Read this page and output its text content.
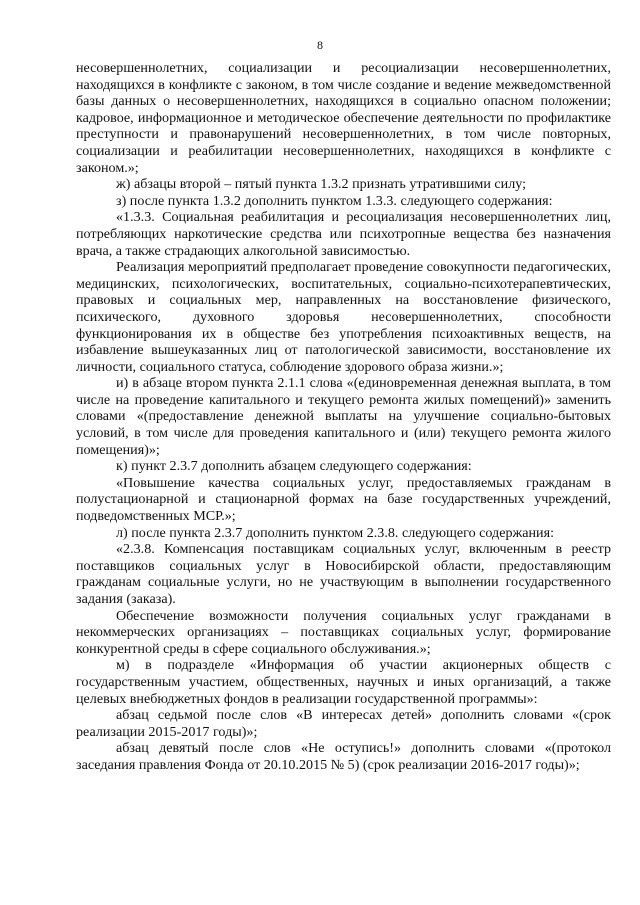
8

несовершеннолетних, социализации и ресоциализации несовершеннолетних, находящихся в конфликте с законом, в том числе создание и ведение межведомственной базы данных о несовершеннолетних, находящихся в социально опасном положении; кадровое, информационное и методическое обеспечение деятельности по профилактике преступности и правонарушений несовершеннолетних, в том числе повторных, социализации и реабилитации несовершеннолетних, находящихся в конфликте с законом.»;

ж) абзацы второй – пятый пункта 1.3.2 признать утратившими силу;

з) после пункта 1.3.2 дополнить пунктом 1.3.3. следующего содержания:

«1.3.3. Социальная реабилитация и ресоциализация несовершеннолетних лиц, потребляющих наркотические средства или психотропные вещества без назначения врача, а также страдающих алкогольной зависимостью.

Реализация мероприятий предполагает проведение совокупности педагогических, медицинских, психологических, воспитательных, социально-психотерапевтических, правовых и социальных мер, направленных на восстановление физического, психического, духовного здоровья несовершеннолетних, способности функционирования их в обществе без употребления психоактивных веществ, на избавление вышеуказанных лиц от патологической зависимости, восстановление их личности, социального статуса, соблюдение здорового образа жизни.»;

и) в абзаце втором пункта 2.1.1 слова «(единовременная денежная выплата, в том числе на проведение капитального и текущего ремонта жилых помещений)» заменить словами «(предоставление денежной выплаты на улучшение социально-бытовых условий, в том числе для проведения капитального и (или) текущего ремонта жилого помещения)»;

к) пункт 2.3.7 дополнить абзацем следующего содержания:

«Повышение качества социальных услуг, предоставляемых гражданам в полустационарной и стационарной формах на базе государственных учреждений, подведомственных МСР.»;

л) после пункта 2.3.7 дополнить пунктом 2.3.8. следующего содержания:

«2.3.8. Компенсация поставщикам социальных услуг, включенным в реестр поставщиков социальных услуг в Новосибирской области, предоставляющим гражданам социальные услуги, но не участвующим в выполнении государственного задания (заказа).

Обеспечение возможности получения социальных услуг гражданами в некоммерческих организациях – поставщиках социальных услуг, формирование конкурентной среды в сфере социального обслуживания.»;

м) в подразделе «Информация об участии акционерных обществ с государственным участием, общественных, научных и иных организаций, а также целевых внебюджетных фондов в реализации государственной программы»:

абзац седьмой после слов «В интересах детей» дополнить словами «(срок реализации 2015-2017 годы)»;

абзац девятый после слов «Не оступись!» дополнить словами «(протокол заседания правления Фонда от 20.10.2015 № 5) (срок реализации 2016-2017 годы)»;
